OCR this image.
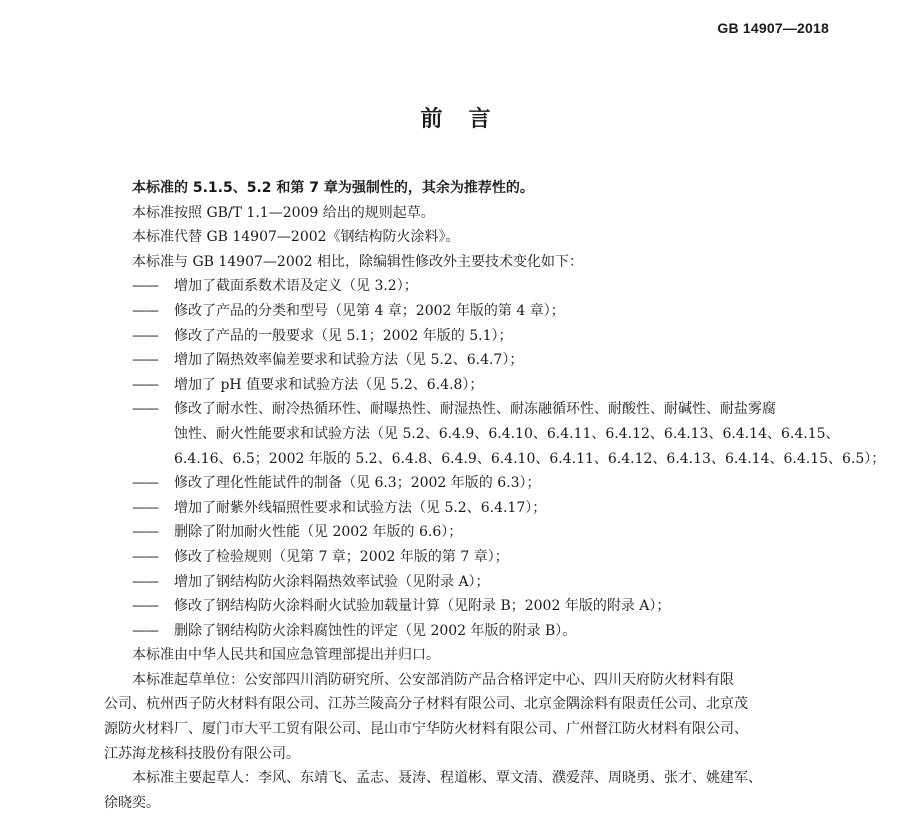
GB 14907—2018
前言
本标准的 5.1.5、5.2 和第 7 章为强制性的，其余为推荐性的。
本标准按照 GB/T 1.1—2009 给出的规则起草。
本标准代替 GB 14907—2002《钢结构防火涂料》。
本标准与 GB 14907—2002 相比，除编辑性修改外主要技术变化如下：
——	增加了截面系数术语及定义（见 3.2）；
——	修改了产品的分类和型号（见第 4 章；2002 年版的第 4 章）；
——	修改了产品的一般要求（见 5.1；2002 年版的 5.1）；
——	增加了隔热效率偏差要求和试验方法（见 5.2、6.4.7）；
——	增加了 pH 值要求和试验方法（见 5.2、6.4.8）；
——	修改了耐水性、耐冷热循环性、耐曝热性、耐湿热性、耐冻融循环性、耐酸性、耐碱性、耐盐雾腐
蚀性、耐火性能要求和试验方法（见 5.2、6.4.9、6.4.10、6.4.11、6.4.12、6.4.13、6.4.14、6.4.15、
6.4.16、6.5；2002 年版的 5.2、6.4.8、6.4.9、6.4.10、6.4.11、6.4.12、6.4.13、6.4.14、6.4.15、6.5）；
——	修改了理化性能试件的制备（见 6.3；2002 年版的 6.3）；
——	增加了耐紫外线辐照性要求和试验方法（见 5.2、6.4.17）；
——	删除了附加耐火性能（见 2002 年版的 6.6）；
——	修改了检验规则（见第 7 章；2002 年版的第 7 章）；
——	增加了钢结构防火涂料隔热效率试验（见附录 A）；
——	修改了钢结构防火涂料耐火试验加载量计算（见附录 B；2002 年版的附录 A）；
——	删除了钢结构防火涂料腐蚀性的评定（见 2002 年版的附录 B）。
本标准由中华人民共和国应急管理部提出并归口。
本标准起草单位：公安部四川消防研究所、公安部消防产品合格评定中心、四川天府防火材料有限
公司、杭州西子防火材料有限公司、江苏兰陵高分子材料有限公司、北京金隅涂料有限责任公司、北京茂
源防火材料厂、厦门市大平工贸有限公司、昆山市宁华防火材料有限公司、广州督江防火材料有限公司、
江苏海龙核科技股份有限公司。
本标准主要起草人：李风、东靖飞、孟志、聂涛、程道彬、覃文清、濮爱萍、周晓勇、张才、姚建军、
徐晓奕。
